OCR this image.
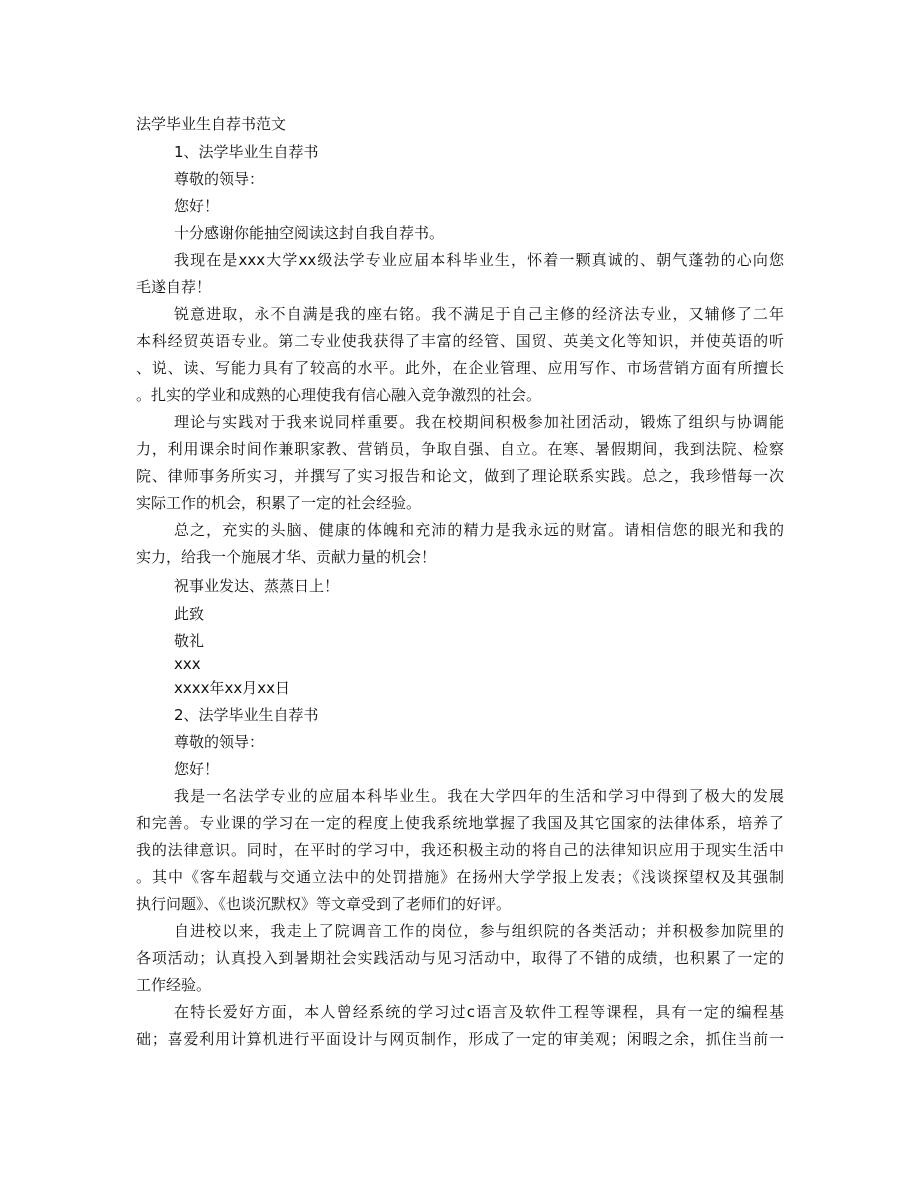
法学毕业生自荐书范文
1、法学毕业生自荐书
尊敬的领导：
您好！
十分感谢你能抽空阅读这封自我自荐书。
我现在是xxx大学xx级法学专业应届本科毕业生，怀着一颗真诚的、朝气蓬勃的心向您
毛遂自荐！
锐意进取，永不自满是我的座右铭。我不满足于自己主修的经济法专业，又辅修了二年
本科经贸英语专业。第二专业使我获得了丰富的经管、国贸、英美文化等知识，并使英语的听
、说、读、写能力具有了较高的水平。此外，在企业管理、应用写作、市场营销方面有所擅长
。扎实的学业和成熟的心理使我有信心融入竞争激烈的社会。
理论与实践对于我来说同样重要。我在校期间积极参加社团活动，锻炼了组织与协调能
力，利用课余时间作兼职家教、营销员，争取自强、自立。在寒、暑假期间，我到法院、检察
院、律师事务所实习，并撰写了实习报告和论文，做到了理论联系实践。总之，我珍惜每一次
实际工作的机会，积累了一定的社会经验。
总之，充实的头脑、健康的体魄和充沛的精力是我永远的财富。请相信您的眼光和我的
实力，给我一个施展才华、贡献力量的机会！
祝事业发达、蒸蒸日上！
此致
敬礼
xxx
xxxx年xx月xx日
2、法学毕业生自荐书
尊敬的领导：
您好！
我是一名法学专业的应届本科毕业生。我在大学四年的生活和学习中得到了极大的发展
和完善。专业课的学习在一定的程度上使我系统地掌握了我国及其它国家的法律体系，培养了
我的法律意识。同时，在平时的学习中，我还积极主动的将自己的法律知识应用于现实生活中
。其中《客车超载与交通立法中的处罚措施》在扬州大学学报上发表；《浅谈探望权及其强制
执行问题》、《也谈沉默权》等文章受到了老师们的好评。
自进校以来，我走上了院调音工作的岗位，参与组织院的各类活动；并积极参加院里的
各项活动；认真投入到暑期社会实践活动与见习活动中，取得了不错的成绩，也积累了一定的
工作经验。
在特长爱好方面，本人曾经系统的学习过c语言及软件工程等课程，具有一定的编程基
础；喜爱利用计算机进行平面设计与网页制作，形成了一定的审美观；闲暇之余，抓住当前一
